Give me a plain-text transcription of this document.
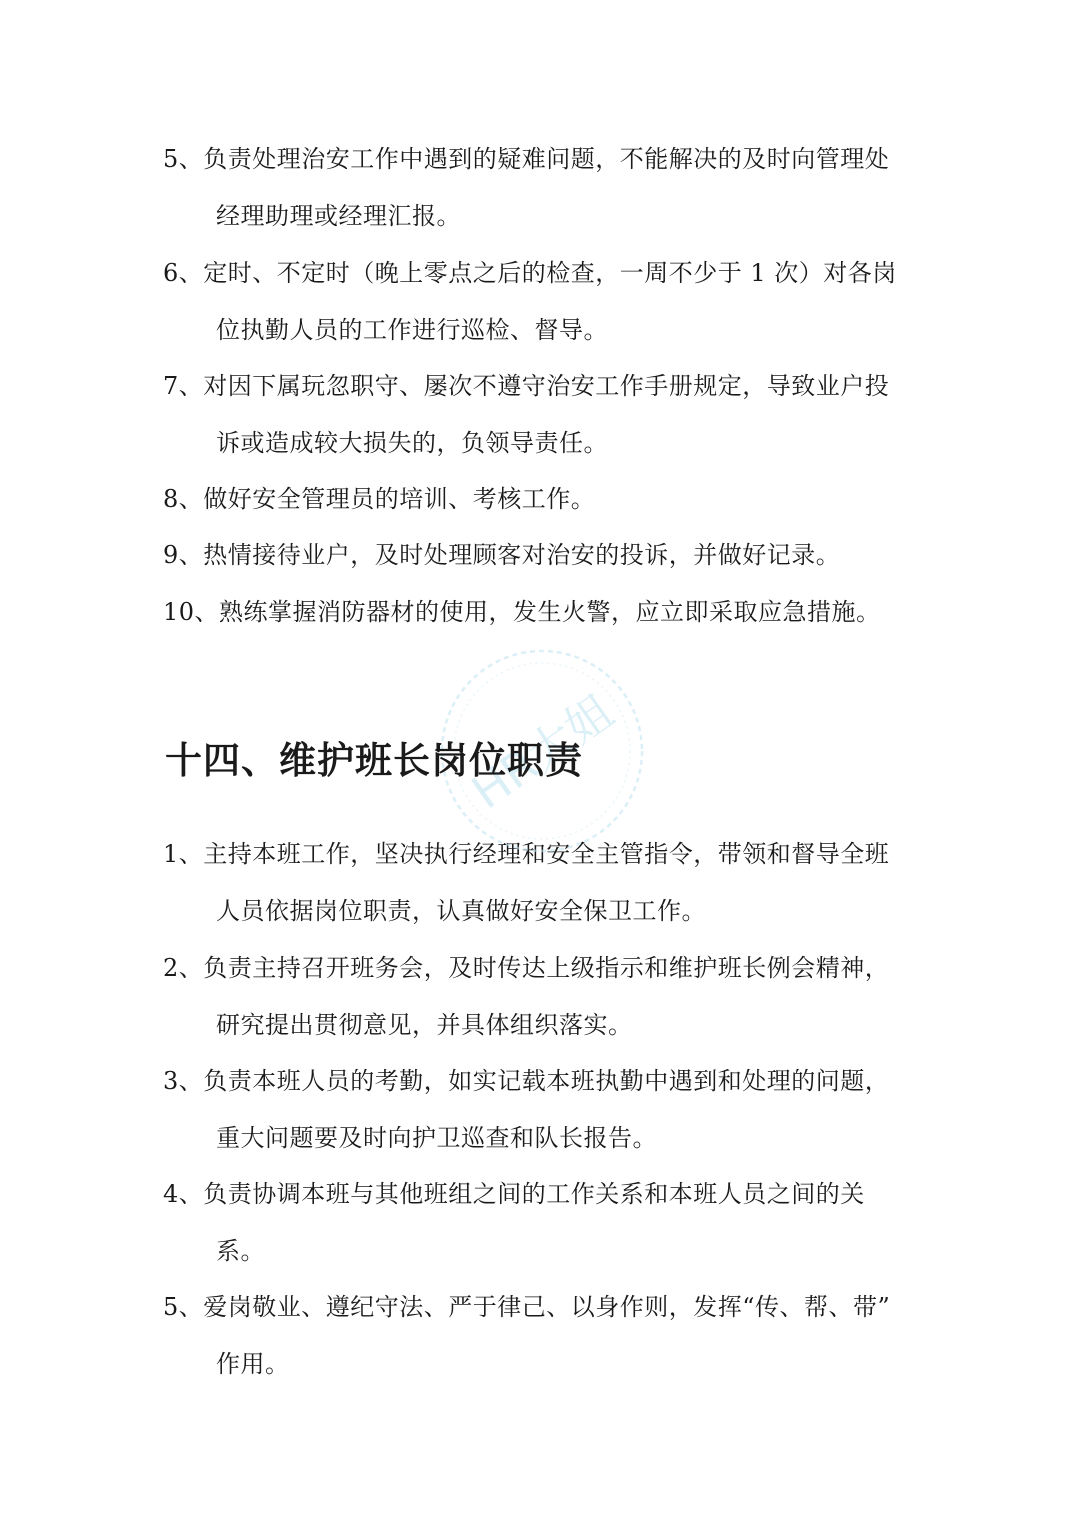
5、负责处理治安工作中遇到的疑难问题，不能解决的及时向管理处
经理助理或经理汇报。
6、定时、不定时（晚上零点之后的检查，一周不少于 1 次）对各岗
位执勤人员的工作进行巡检、督导。
7、对因下属玩忽职守、屡次不遵守治安工作手册规定，导致业户投
诉或造成较大损失的，负领导责任。
8、做好安全管理员的培训、考核工作。
9、热情接待业户，及时处理顾客对治安的投诉，并做好记录。
10、熟练掌握消防器材的使用，发生火警，应立即采取应急措施。
HR大姐
十四、维护班长岗位职责
1、主持本班工作，坚决执行经理和安全主管指令，带领和督导全班
人员依据岗位职责，认真做好安全保卫工作。
2、负责主持召开班务会，及时传达上级指示和维护班长例会精神，
研究提出贯彻意见，并具体组织落实。
3、负责本班人员的考勤，如实记载本班执勤中遇到和处理的问题，
重大问题要及时向护卫巡查和队长报告。
4、负责协调本班与其他班组之间的工作关系和本班人员之间的关
系。
5、爱岗敬业、遵纪守法、严于律己、以身作则，发挥“传、帮、带”
作用。
